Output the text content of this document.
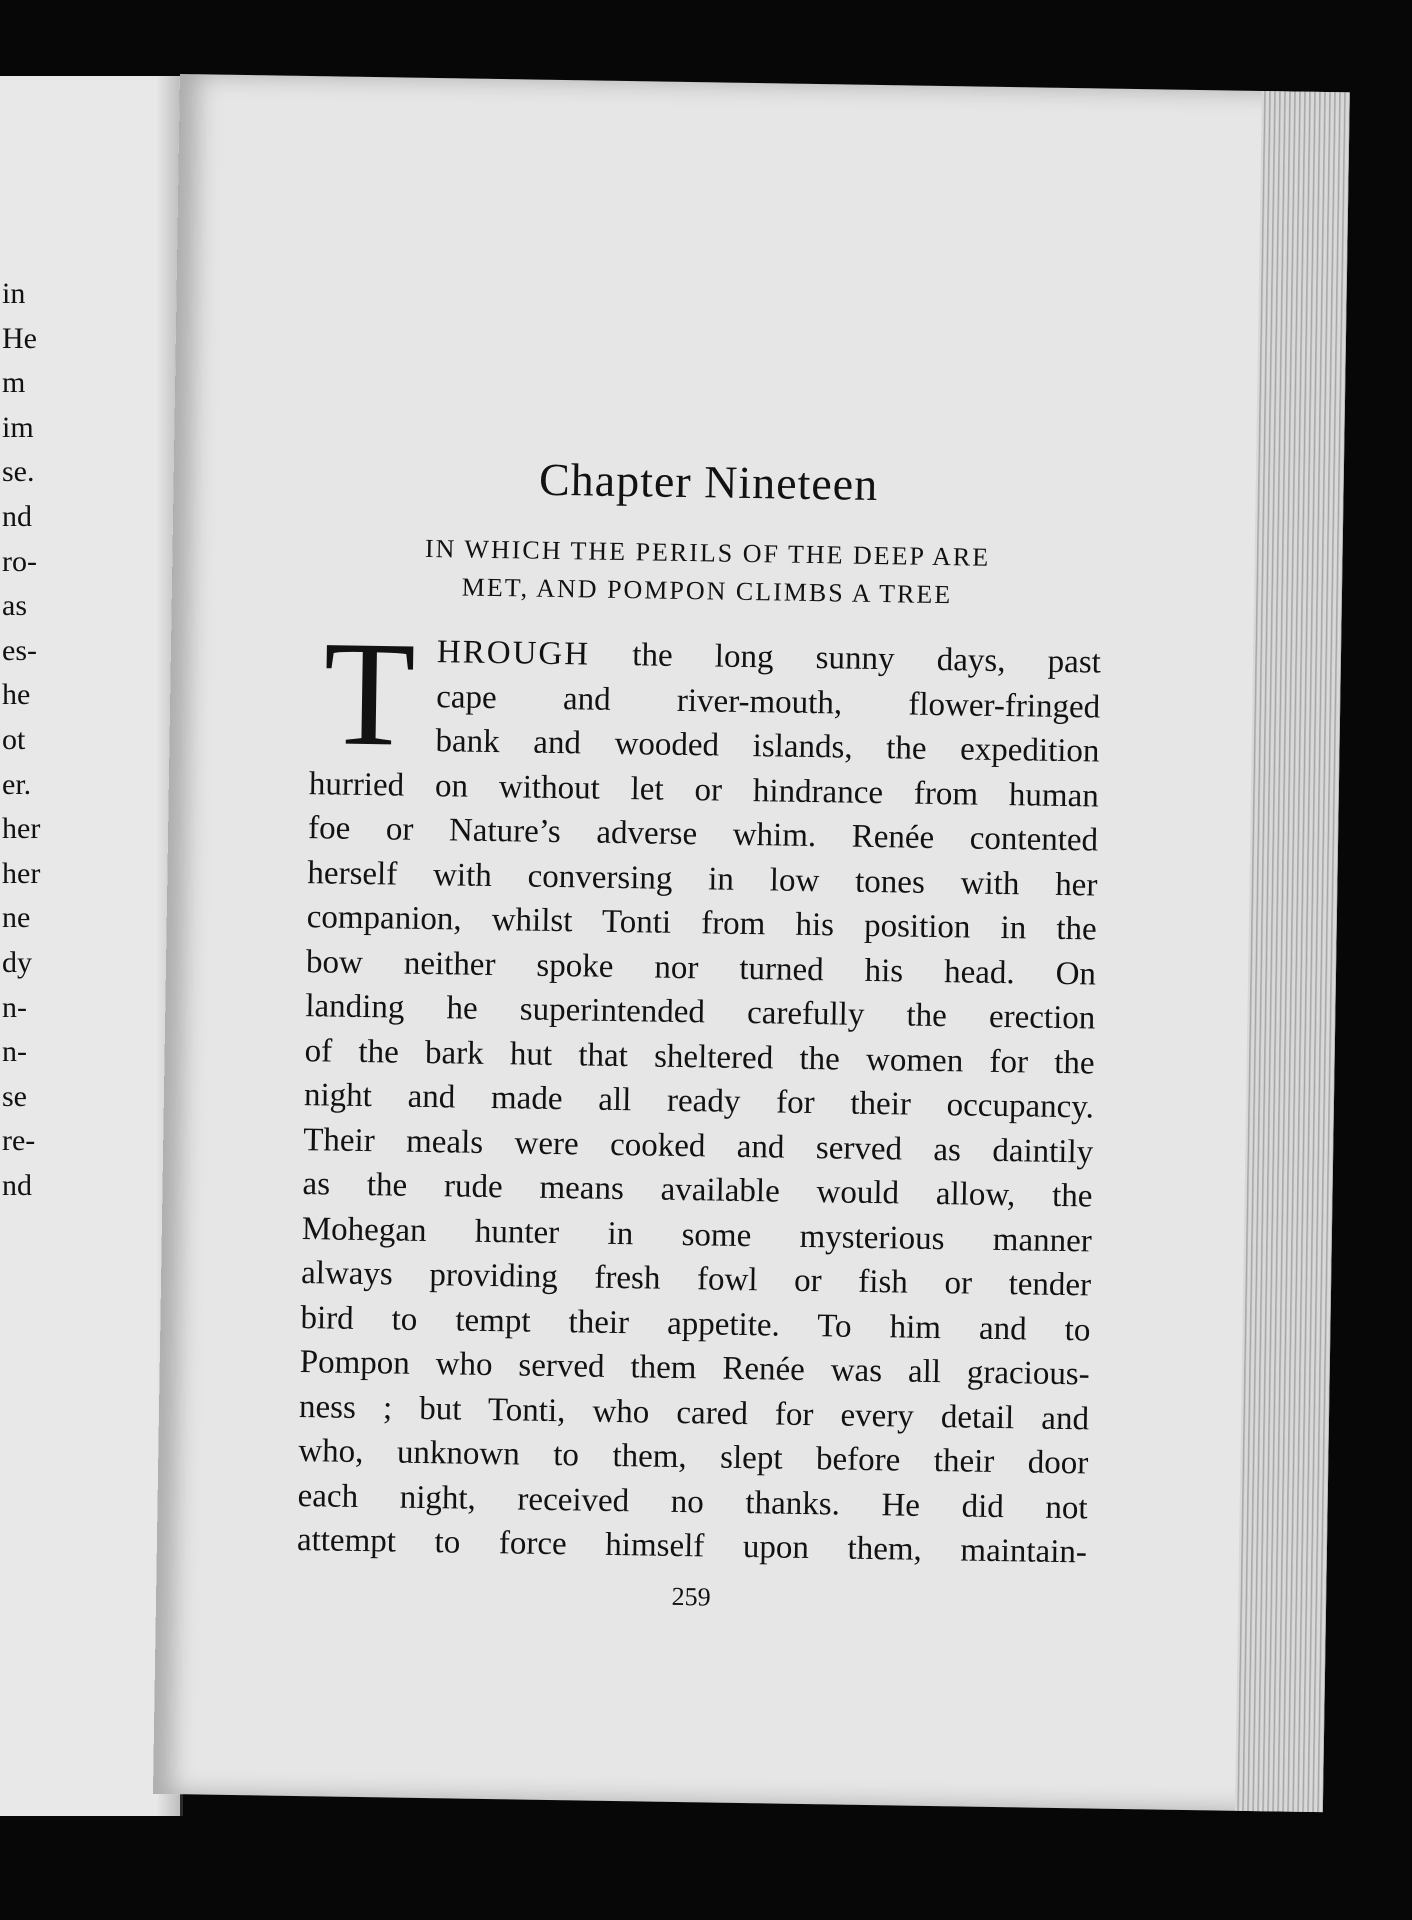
in
He
m
im
se.
nd
ro-
as
es-
he
ot
er.
her
her
ne
dy
n-
n-
se
re-
nd
Chapter Nineteen

IN WHICH THE PERILS OF THE DEEP ARE
MET, AND POMPON CLIMBS A TREE

T HROUGH the long sunny days, past
cape and river-mouth, flower-fringed
bank and wooded islands, the expedition
hurried on without let or hindrance from human
foe or Nature’s adverse whim. Renée contented
herself with conversing in low tones with her
companion, whilst Tonti from his position in the
bow neither spoke nor turned his head. On
landing he superintended carefully the erection
of the bark hut that sheltered the women for the
night and made all ready for their occupancy.
Their meals were cooked and served as daintily
as the rude means available would allow, the
Mohegan hunter in some mysterious manner
always providing fresh fowl or fish or tender
bird to tempt their appetite. To him and to
Pompon who served them Renée was all gracious-
ness ; but Tonti, who cared for every detail and
who, unknown to them, slept before their door
each night, received no thanks. He did not
attempt to force himself upon them, maintain-
259
